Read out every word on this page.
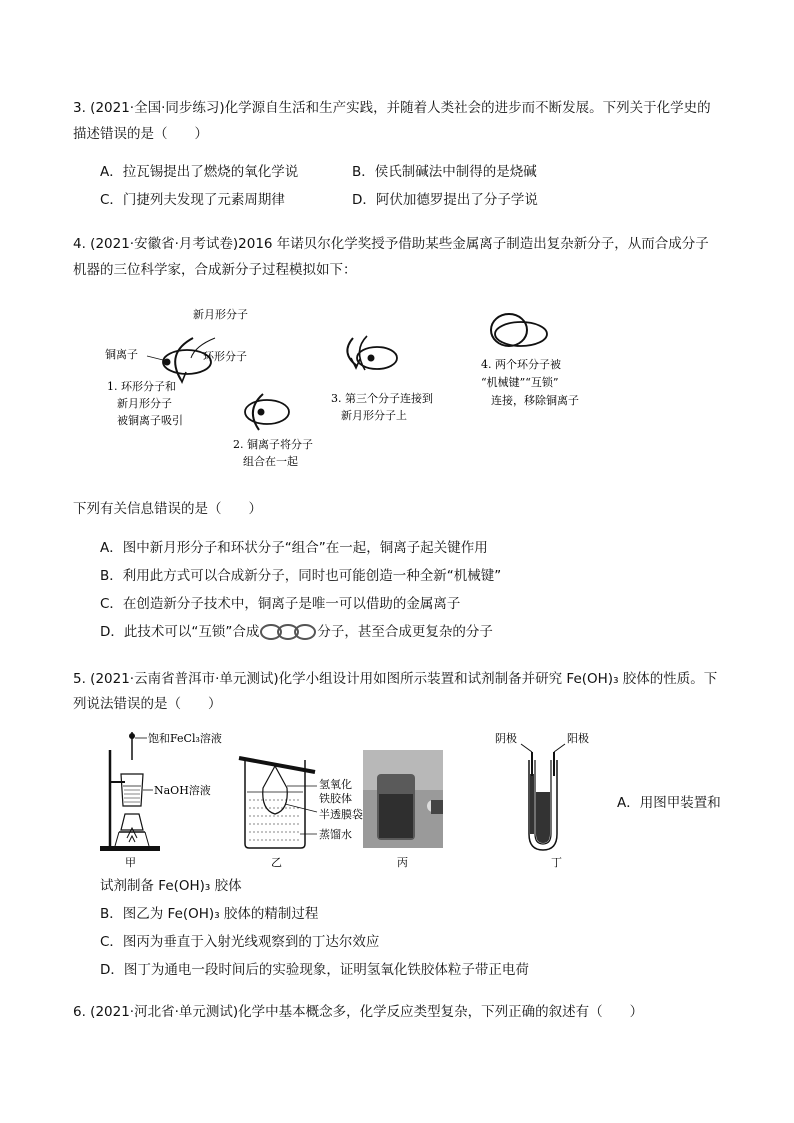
3. (2021·全国·同步练习)化学源自生活和生产实践，并随着人类社会的进步而不断发展。下列关于化学史的
描述错误的是（　　）
A．拉瓦锡提出了燃烧的氧化学说	B．侯氏制碱法中制得的是烧碱
C．门捷列夫发现了元素周期律	D．阿伏加德罗提出了分子学说
4. (2021·安徽省·月考试卷)2016 年诺贝尔化学奖授予借助某些金属离子制造出复杂新分子，从而合成分子
机器的三位科学家，合成新分子过程模拟如下：
新月形分子
铜离子	环形分子
1. 环形分子和
新月形分子
被铜离子吸引
2. 铜离子将分子
组合在一起
3. 第三个分子连接到
新月形分子上
4. 两个环分子被
“机械键”“互锁”
连接，移除铜离子
下列有关信息错误的是（　　）
A．图中新月形分子和环状分子“组合”在一起，铜离子起关键作用
B．利用此方式可以合成新分子，同时也可能创造一种全新“机械键”
C．在创造新分子技术中，铜离子是唯一可以借助的金属离子
D．此技术可以“互锁”合成	分子，甚至合成更复杂的分子
5. (2021·云南省普洱市·单元测试)化学小组设计用如图所示装置和试剂制备并研究 Fe(OH)₃ 胶体的性质。下
列说法错误的是（　　）
饱和FeCl₃溶液
NaOH溶液
甲
氢氧化
铁胶体
半透膜袋
蒸馏水
乙	丙
阴极	阳极
丁
A．用图甲装置和
试剂制备 Fe(OH)₃ 胶体
B．图乙为 Fe(OH)₃ 胶体的精制过程
C．图丙为垂直于入射光线观察到的丁达尔效应
D．图丁为通电一段时间后的实验现象，证明氢氧化铁胶体粒子带正电荷
6. (2021·河北省·单元测试)化学中基本概念多，化学反应类型复杂，下列正确的叙述有（　　）
